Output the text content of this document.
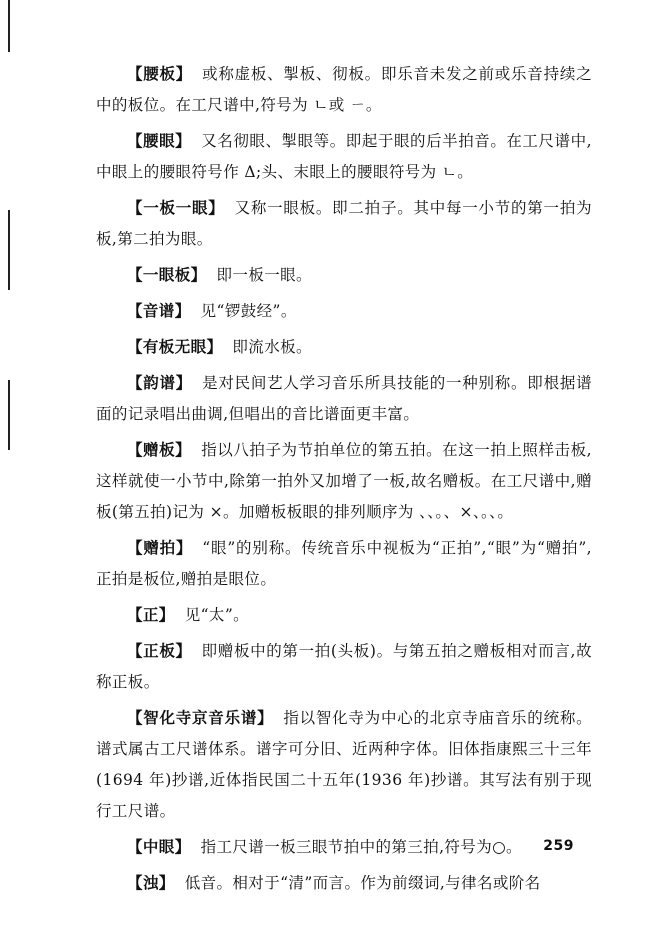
【腰板】 或称虚板、掣板、彻板。即乐音未发之前或乐音持续之中的板位。在工尺谱中,符号为 ㄴ或 ㄧ。

【腰眼】 又名彻眼、掣眼等。即起于眼的后半拍音。在工尺谱中,中眼上的腰眼符号作 Δ;头、末眼上的腰眼符号为 ㄴ。

【一板一眼】 又称一眼板。即二拍子。其中每一小节的第一拍为板,第二拍为眼。

【一眼板】 即一板一眼。

【音谱】 见“锣鼓经”。

【有板无眼】 即流水板。

【韵谱】 是对民间艺人学习音乐所具技能的一种别称。即根据谱面的记录唱出曲调,但唱出的音比谱面更丰富。

【赠板】 指以八拍子为节拍单位的第五拍。在这一拍上照样击板,这样就使一小节中,除第一拍外又加增了一板,故名赠板。在工尺谱中,赠板(第五拍)记为 ×。加赠板板眼的排列顺序为 、、。、×、。、。

【赠拍】 “眼”的别称。传统音乐中视板为“正拍”,“眼”为“赠拍”,正拍是板位,赠拍是眼位。

【正】 见“太”。

【正板】 即赠板中的第一拍(头板)。与第五拍之赠板相对而言,故称正板。

【智化寺京音乐谱】 指以智化寺为中心的北京寺庙音乐的统称。谱式属古工尺谱体系。谱字可分旧、近两种字体。旧体指康熙三十三年(1694 年)抄谱,近体指民国二十五年(1936 年)抄谱。其写法有别于现行工尺谱。

【中眼】 指工尺谱一板三眼节拍中的第三拍,符号为○。

【浊】 低音。相对于“清”而言。作为前缀词,与律名或阶名

259
